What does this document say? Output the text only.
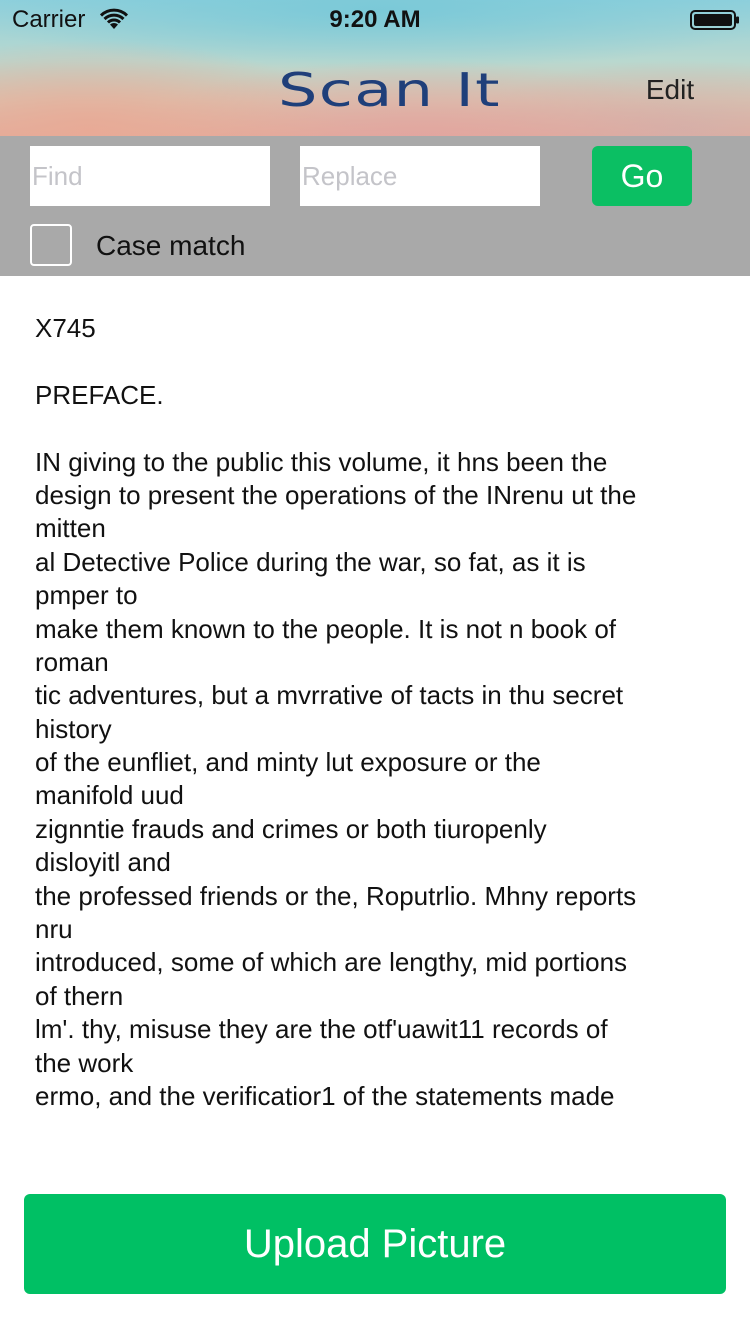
Carrier	9:20 AM
Scan It	Edit
Find
Replace
Go
Case match
X745
PREFACE.
IN giving to the public this volume, it hns been the
design to present the operations of the INrenu ut the
mitten
al Detective Police during the war, so fat, as it is
pmper to
make them known to the people. It is not n book of
roman
tic adventures, but a mvrrative of tacts in thu secret
history
of the eunfliet, and minty lut exposure or the
manifold uud
zignntie frauds and crimes or both tiuropenly
disloyitl and
the professed friends or the, Roputrlio. Mhny reports
nru
introduced, some of which are lengthy, mid portions
of thern
lm'. thy, misuse they are the otf'uawit11 records of
the work
ermo, and the verificatior1 of the statements made
Upload Picture
